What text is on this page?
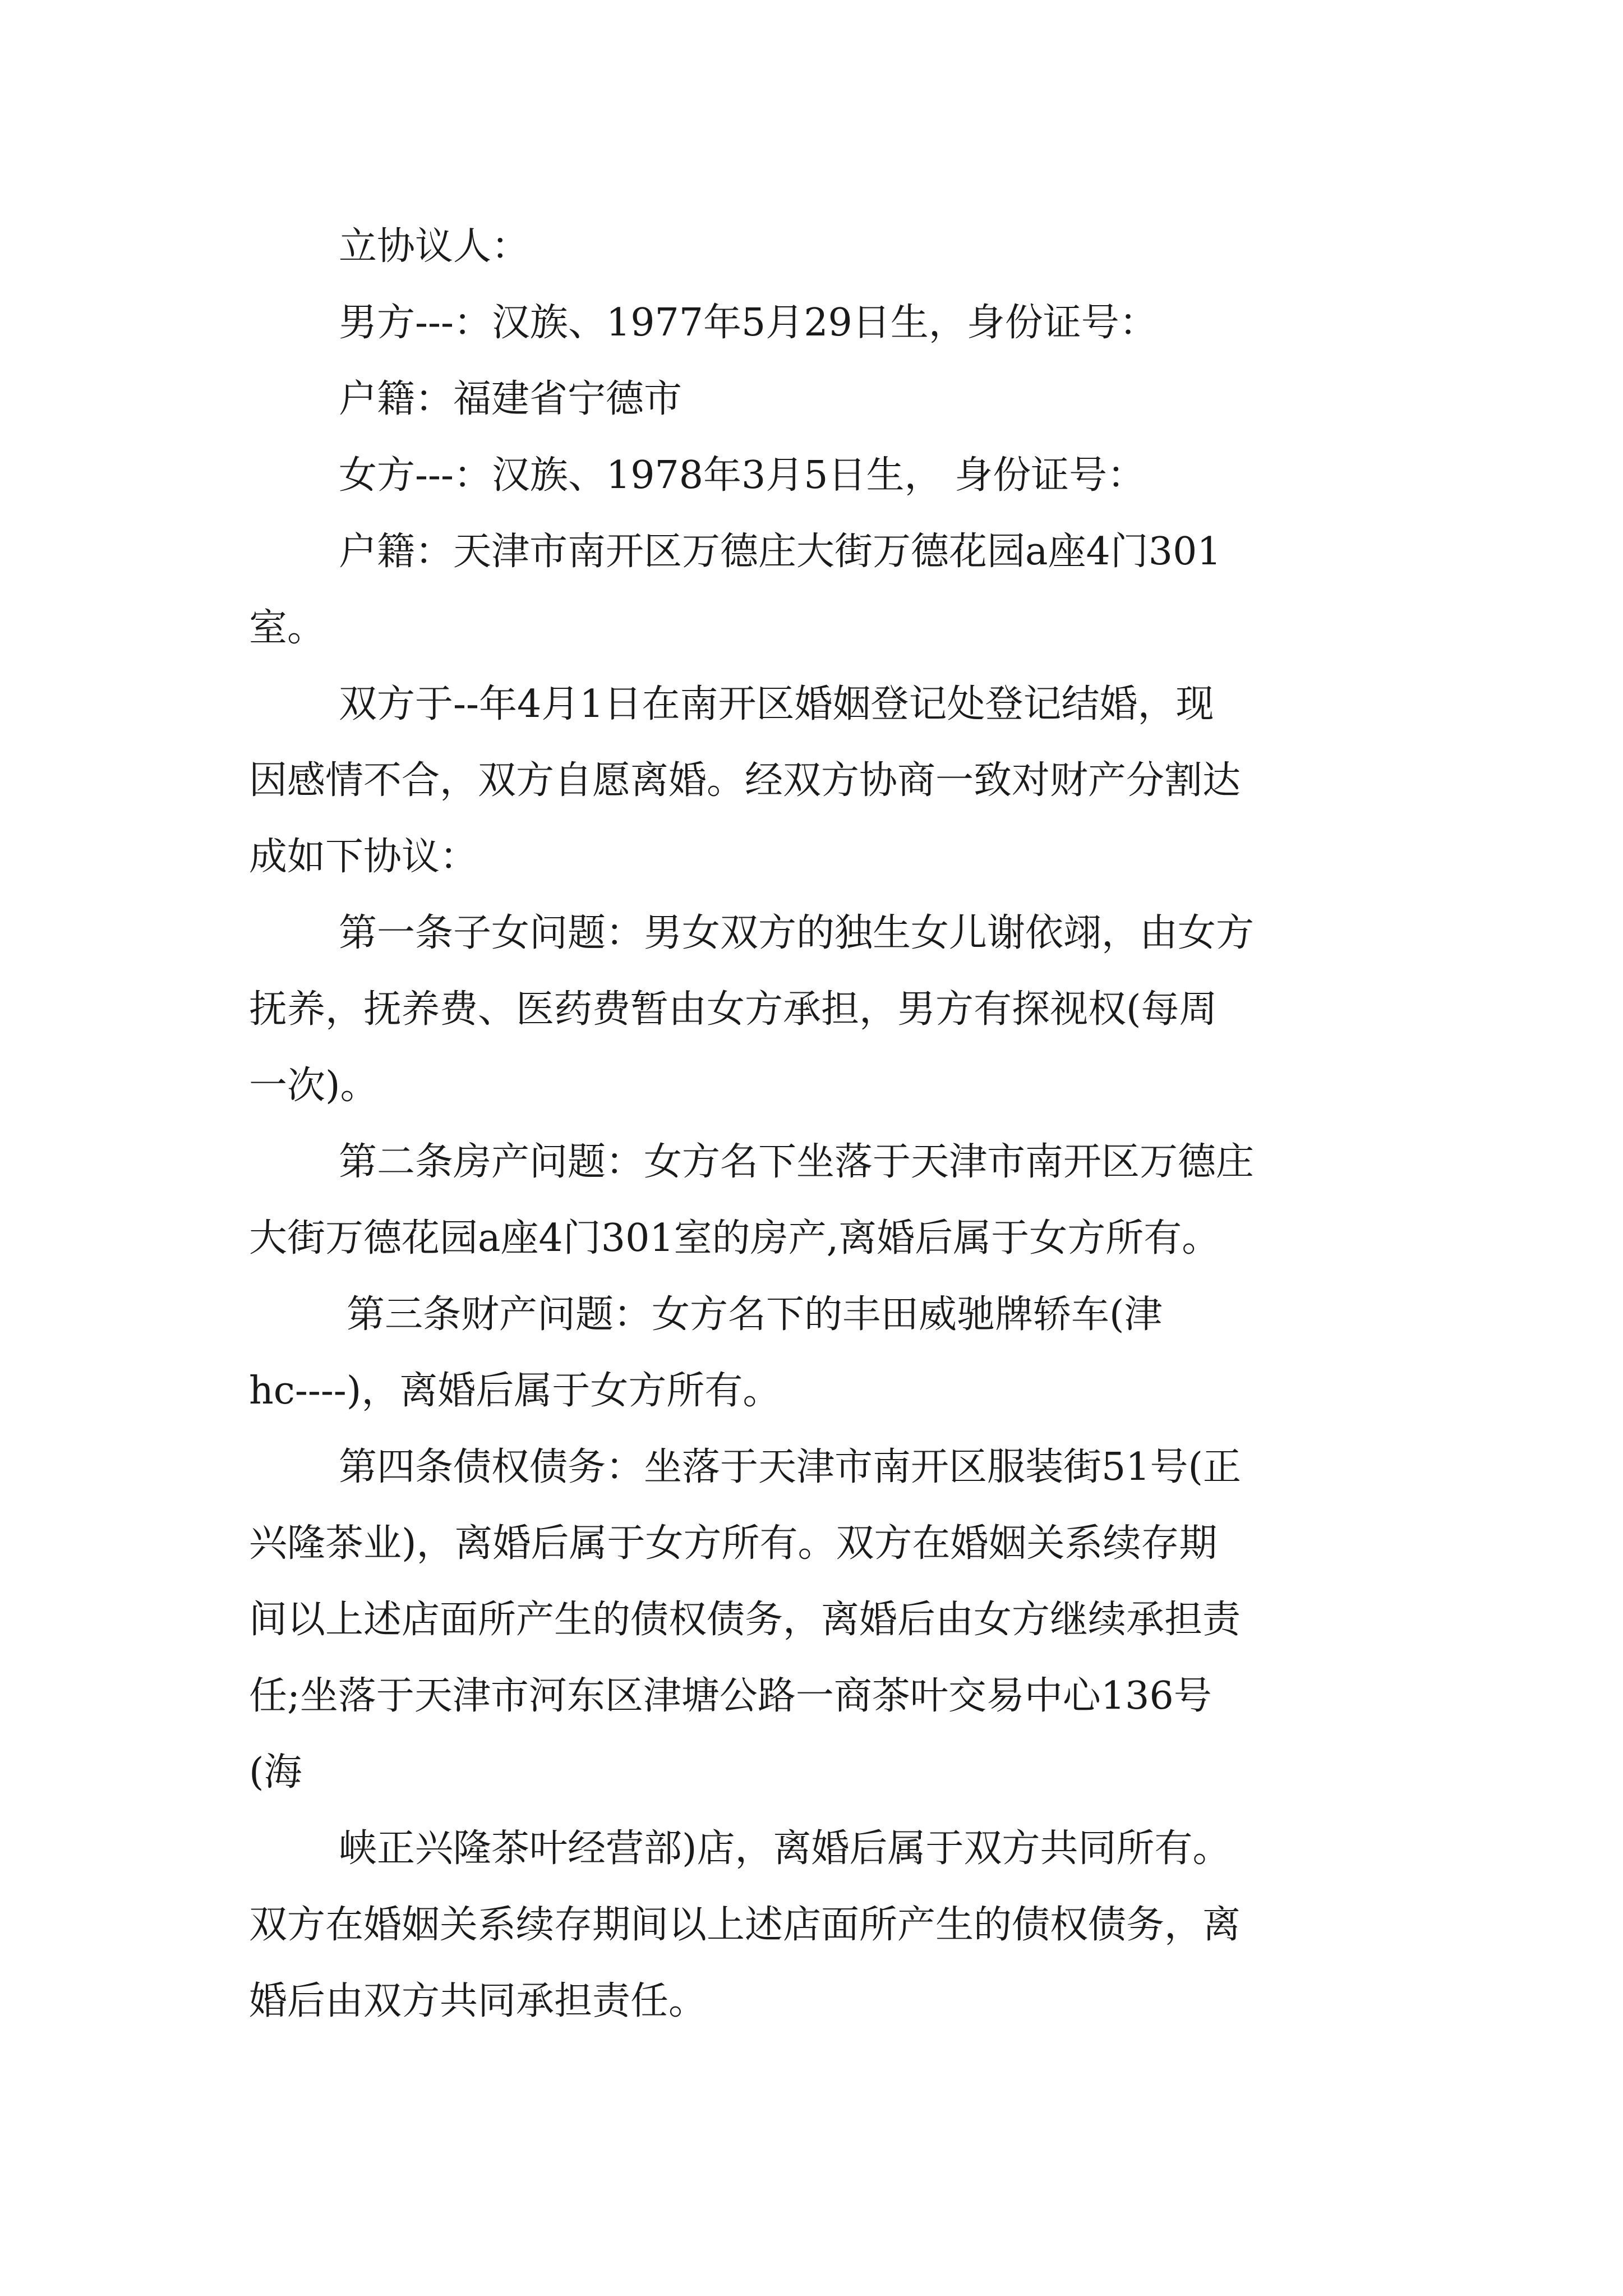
立协议人：
男方---：汉族、1977年5月29日生，身份证号：
户籍：福建省宁德市
女方---：汉族、1978年3月5日生， 身份证号：
户籍：天津市南开区万德庄大街万德花园a座4门301
室。
双方于--年4月1日在南开区婚姻登记处登记结婚，现
因感情不合，双方自愿离婚。经双方协商一致对财产分割达
成如下协议：
第一条子女问题：男女双方的独生女儿谢依翊，由女方
抚养，抚养费、医药费暂由女方承担，男方有探视权(每周
一次)。
第二条房产问题：女方名下坐落于天津市南开区万德庄
大街万德花园a座4门301室的房产,离婚后属于女方所有。
第三条财产问题：女方名下的丰田威驰牌轿车(津
hc----)，离婚后属于女方所有。
第四条债权债务：坐落于天津市南开区服装街51号(正
兴隆茶业)，离婚后属于女方所有。双方在婚姻关系续存期
间以上述店面所产生的债权债务，离婚后由女方继续承担责
任;坐落于天津市河东区津塘公路一商茶叶交易中心136号
(海
峡正兴隆茶叶经营部)店，离婚后属于双方共同所有。
双方在婚姻关系续存期间以上述店面所产生的债权债务，离
婚后由双方共同承担责任。
